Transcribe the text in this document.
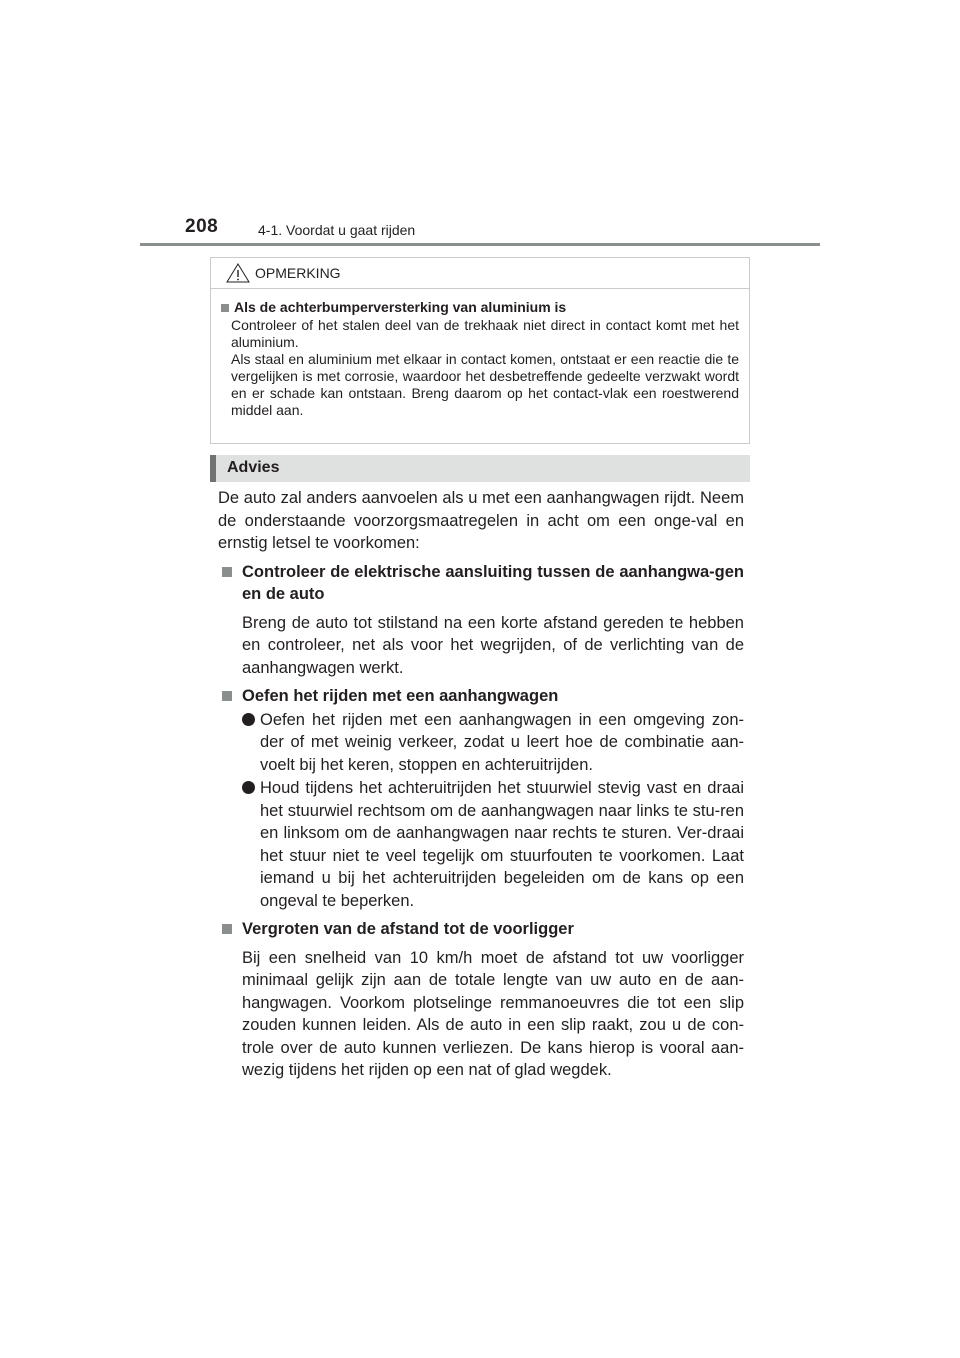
208	4-1. Voordat u gaat rijden
OPMERKING
Als de achterbumperversterking van aluminium is
Controleer of het stalen deel van de trekhaak niet direct in contact komt met het aluminium.
Als staal en aluminium met elkaar in contact komen, ontstaat er een reactie die te vergelijken is met corrosie, waardoor het desbetreffende gedeelte verzwakt wordt en er schade kan ontstaan. Breng daarom op het contact-vlak een roestwerend middel aan.
Advies
De auto zal anders aanvoelen als u met een aanhangwagen rijdt. Neem de onderstaande voorzorgsmaatregelen in acht om een onge-val en ernstig letsel te voorkomen:
Controleer de elektrische aansluiting tussen de aanhangwa-gen en de auto
Breng de auto tot stilstand na een korte afstand gereden te hebben en controleer, net als voor het wegrijden, of de verlichting van de aanhangwagen werkt.
Oefen het rijden met een aanhangwagen
Oefen het rijden met een aanhangwagen in een omgeving zon-der of met weinig verkeer, zodat u leert hoe de combinatie aan-voelt bij het keren, stoppen en achteruitrijden.
Houd tijdens het achteruitrijden het stuurwiel stevig vast en draai het stuurwiel rechtsom om de aanhangwagen naar links te stu-ren en linksom om de aanhangwagen naar rechts te sturen. Ver-draai het stuur niet te veel tegelijk om stuurfouten te voorkomen. Laat iemand u bij het achteruitrijden begeleiden om de kans op een ongeval te beperken.
Vergroten van de afstand tot de voorligger
Bij een snelheid van 10 km/h moet de afstand tot uw voorligger minimaal gelijk zijn aan de totale lengte van uw auto en de aan-hangwagen. Voorkom plotselinge remmanoeuvres die tot een slip zouden kunnen leiden. Als de auto in een slip raakt, zou u de con-trole over de auto kunnen verliezen. De kans hierop is vooral aan-wezig tijdens het rijden op een nat of glad wegdek.
